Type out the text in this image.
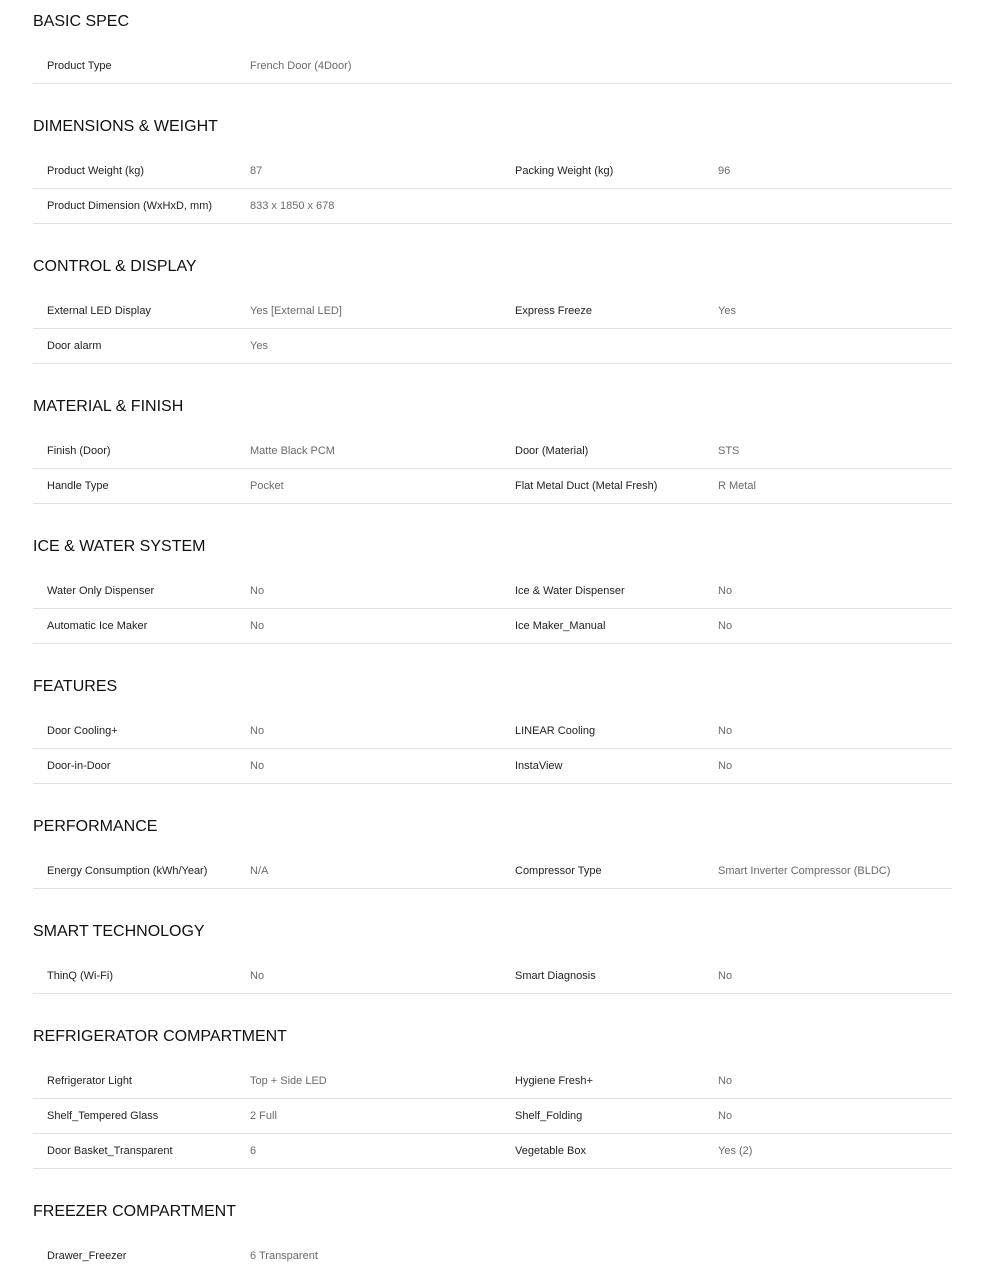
BASIC SPEC
Product Type	French Door (4Door)
DIMENSIONS & WEIGHT
Product Weight (kg)	87	Packing Weight (kg)	96
Product Dimension (WxHxD, mm)	833 x 1850 x 678
CONTROL & DISPLAY
External LED Display	Yes [External LED]	Express Freeze	Yes
Door alarm	Yes
MATERIAL & FINISH
Finish (Door)	Matte Black PCM	Door (Material)	STS
Handle Type	Pocket	Flat Metal Duct (Metal Fresh)	R Metal
ICE & WATER SYSTEM
Water Only Dispenser	No	Ice & Water Dispenser	No
Automatic Ice Maker	No	Ice Maker_Manual	No
FEATURES
Door Cooling+	No	LINEAR Cooling	No
Door-in-Door	No	InstaView	No
PERFORMANCE
Energy Consumption (kWh/Year)	N/A	Compressor Type	Smart Inverter Compressor (BLDC)
SMART TECHNOLOGY
ThinQ (Wi-Fi)	No	Smart Diagnosis	No
REFRIGERATOR COMPARTMENT
Refrigerator Light	Top + Side LED	Hygiene Fresh+	No
Shelf_Tempered Glass	2 Full	Shelf_Folding	No
Door Basket_Transparent	6	Vegetable Box	Yes (2)
FREEZER COMPARTMENT
Drawer_Freezer	6 Transparent
